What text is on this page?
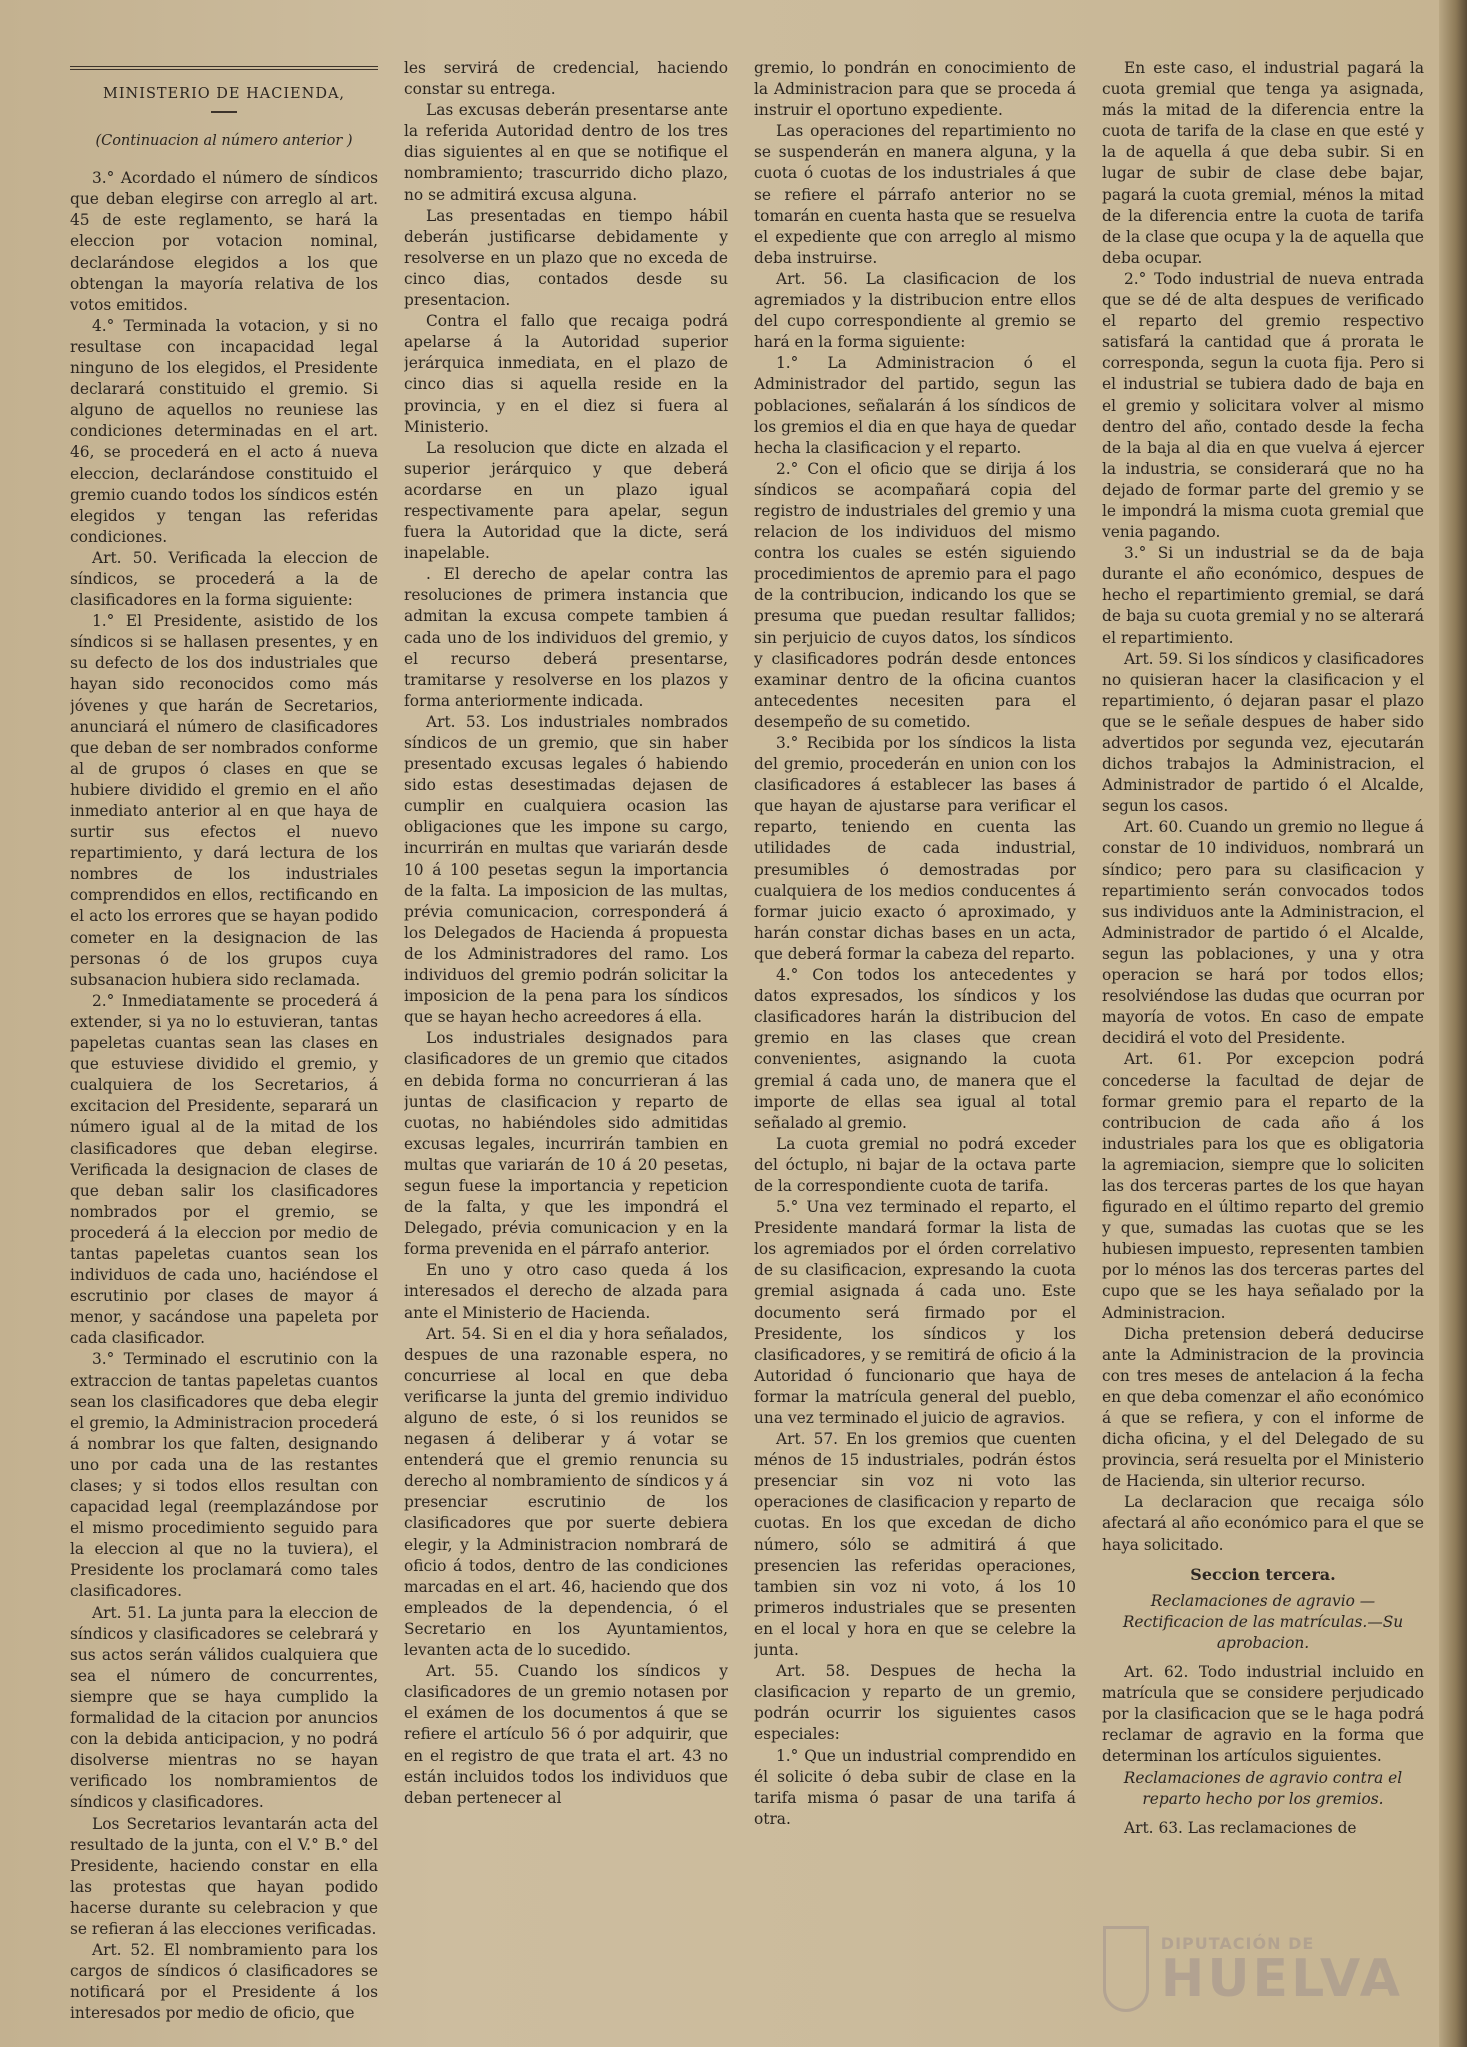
MINISTERIO DE HACIENDA,
(Continuacion al número anterior )

3.° Acordado el número de síndicos que deban elegirse con arreglo al art. 45 de este reglamento, se hará la eleccion por votacion nominal, declarándose elegidos a los que obtengan la mayoría relativa de los votos emitidos.

4.° Terminada la votacion, y si no resultase con incapacidad legal ninguno de los elegidos, el Presidente declarará constituido el gremio. Si alguno de aquellos no reuniese las condiciones determinadas en el art. 46, se procederá en el acto á nueva eleccion, declarándose constituido el gremio cuando todos los síndicos estén elegidos y tengan las referidas condiciones.

Art. 50. Verificada la eleccion de síndicos, se procederá a la de clasificadores en la forma siguiente:

1.° El Presidente, asistido de los síndicos si se hallasen presentes, y en su defecto de los dos industriales que hayan sido reconocidos como más jóvenes y que harán de Secretarios, anunciará el número de clasificadores que deban de ser nombrados conforme al de grupos ó clases en que se hubiere dividido el gremio en el año inmediato anterior al en que haya de surtir sus efectos el nuevo repartimiento, y dará lectura de los nombres de los industriales comprendidos en ellos, rectificando en el acto los errores que se hayan podido cometer en la designacion de las personas ó de los grupos cuya subsanacion hubiera sido reclamada.

2.° Inmediatamente se procederá á extender, si ya no lo estuvieran, tantas papeletas cuantas sean las clases en que estuviese dividido el gremio, y cualquiera de los Secretarios, á excitacion del Presidente, separará un número igual al de la mitad de los clasificadores que deban elegirse. Verificada la designacion de clases de que deban salir los clasificadores nombrados por el gremio, se procederá á la eleccion por medio de tantas papeletas cuantos sean los individuos de cada uno, haciéndose el escrutinio por clases de mayor á menor, y sacándose una papeleta por cada clasificador.

3.° Terminado el escrutinio con la extraccion de tantas papeletas cuantos sean los clasificadores que deba elegir el gremio, la Administracion procederá á nombrar los que falten, designando uno por cada una de las restantes clases; y si todos ellos resultan con capacidad legal (reemplazándose por el mismo procedimiento seguido para la eleccion al que no la tuviera), el Presidente los proclamará como tales clasificadores.

Art. 51. La junta para la eleccion de síndicos y clasificadores se celebrará y sus actos serán válidos cualquiera que sea el número de concurrentes, siempre que se haya cumplido la formalidad de la citacion por anuncios con la debida anticipacion, y no podrá disolverse mientras no se hayan verificado los nombramientos de síndicos y clasificadores.

Los Secretarios levantarán acta del resultado de la junta, con el V.° B.° del Presidente, haciendo constar en ella las protestas que hayan podido hacerse durante su celebracion y que se refieran á las elecciones verificadas.

Art. 52. El nombramiento para los cargos de síndicos ó clasificadores se notificará por el Presidente á los interesados por medio de oficio, que

les servirá de credencial, haciendo constar su entrega.

Las excusas deberán presentarse ante la referida Autoridad dentro de los tres dias siguientes al en que se notifique el nombramiento; trascurrido dicho plazo, no se admitirá excusa alguna.

Las presentadas en tiempo hábil deberán justificarse debidamente y resolverse en un plazo que no exceda de cinco dias, contados desde su presentacion.

Contra el fallo que recaiga podrá apelarse á la Autoridad superior jerárquica inmediata, en el plazo de cinco dias si aquella reside en la provincia, y en el diez si fuera al Ministerio.

La resolucion que dicte en alzada el superior jerárquico y que deberá acordarse en un plazo igual respectivamente para apelar, segun fuera la Autoridad que la dicte, será inapelable.

. El derecho de apelar contra las resoluciones de primera instancia que admitan la excusa compete tambien á cada uno de los individuos del gremio, y el recurso deberá presentarse, tramitarse y resolverse en los plazos y forma anteriormente indicada.

Art. 53. Los industriales nombrados síndicos de un gremio, que sin haber presentado excusas legales ó habiendo sido estas desestimadas dejasen de cumplir en cualquiera ocasion las obligaciones que les impone su cargo, incurrirán en multas que variarán desde 10 á 100 pesetas segun la importancia de la falta. La imposicion de las multas, prévia comunicacion, corresponderá á los Delegados de Hacienda á propuesta de los Administradores del ramo. Los individuos del gremio podrán solicitar la imposicion de la pena para los síndicos que se hayan hecho acreedores á ella.

Los industriales designados para clasificadores de un gremio que citados en debida forma no concurrieran á las juntas de clasificacion y reparto de cuotas, no habiéndoles sido admitidas excusas legales, incurrirán tambien en multas que variarán de 10 á 20 pesetas, segun fuese la importancia y repeticion de la falta, y que les impondrá el Delegado, prévia comunicacion y en la forma prevenida en el párrafo anterior.

En uno y otro caso queda á los interesados el derecho de alzada para ante el Ministerio de Hacienda.

Art. 54. Si en el dia y hora señalados, despues de una razonable espera, no concurriese al local en que deba verificarse la junta del gremio individuo alguno de este, ó si los reunidos se negasen á deliberar y á votar se entenderá que el gremio renuncia su derecho al nombramiento de síndicos y á presenciar escrutinio de los clasificadores que por suerte debiera elegir, y la Administracion nombrará de oficio á todos, dentro de las condiciones marcadas en el art. 46, haciendo que dos empleados de la dependencia, ó el Secretario en los Ayuntamientos, levanten acta de lo sucedido.

Art. 55. Cuando los síndicos y clasificadores de un gremio notasen por el exámen de los documentos á que se refiere el artículo 56 ó por adquirir, que en el registro de que trata el art. 43 no están incluidos todos los individuos que deban pertenecer al

gremio, lo pondrán en conocimiento de la Administracion para que se proceda á instruir el oportuno expediente.

Las operaciones del repartimiento no se suspenderán en manera alguna, y la cuota ó cuotas de los industriales á que se refiere el párrafo anterior no se tomarán en cuenta hasta que se resuelva el expediente que con arreglo al mismo deba instruirse.

Art. 56. La clasificacion de los agremiados y la distribucion entre ellos del cupo correspondiente al gremio se hará en la forma siguiente:

1.° La Administracion ó el Administrador del partido, segun las poblaciones, señalarán á los síndicos de los gremios el dia en que haya de quedar hecha la clasificacion y el reparto.

2.° Con el oficio que se dirija á los síndicos se acompañará copia del registro de industriales del gremio y una relacion de los individuos del mismo contra los cuales se estén siguiendo procedimientos de apremio para el pago de la contribucion, indicando los que se presuma que puedan resultar fallidos; sin perjuicio de cuyos datos, los síndicos y clasificadores podrán desde entonces examinar dentro de la oficina cuantos antecedentes necesiten para el desempeño de su cometido.

3.° Recibida por los síndicos la lista del gremio, procederán en union con los clasificadores á establecer las bases á que hayan de ajustarse para verificar el reparto, teniendo en cuenta las utilidades de cada industrial, presumibles ó demostradas por cualquiera de los medios conducentes á formar juicio exacto ó aproximado, y harán constar dichas bases en un acta, que deberá formar la cabeza del reparto.

4.° Con todos los antecedentes y datos expresados, los síndicos y los clasificadores harán la distribucion del gremio en las clases que crean convenientes, asignando la cuota gremial á cada uno, de manera que el importe de ellas sea igual al total señalado al gremio.

La cuota gremial no podrá exceder del óctuplo, ni bajar de la octava parte de la correspondiente cuota de tarifa.

5.° Una vez terminado el reparto, el Presidente mandará formar la lista de los agremiados por el órden correlativo de su clasificacion, expresando la cuota gremial asignada á cada uno. Este documento será firmado por el Presidente, los síndicos y los clasificadores, y se remitirá de oficio á la Autoridad ó funcionario que haya de formar la matrícula general del pueblo, una vez terminado el juicio de agravios.

Art. 57. En los gremios que cuenten ménos de 15 industriales, podrán éstos presenciar sin voz ni voto las operaciones de clasificacion y reparto de cuotas. En los que excedan de dicho número, sólo se admitirá á que presencien las referidas operaciones, tambien sin voz ni voto, á los 10 primeros industriales que se presenten en el local y hora en que se celebre la junta.

Art. 58. Despues de hecha la clasificacion y reparto de un gremio, podrán ocurrir los siguientes casos especiales:

1.° Que un industrial comprendido en él solicite ó deba subir de clase en la tarifa misma ó pasar de una tarifa á otra.

En este caso, el industrial pagará la cuota gremial que tenga ya asignada, más la mitad de la diferencia entre la cuota de tarifa de la clase en que esté y la de aquella á que deba subir. Si en lugar de subir de clase debe bajar, pagará la cuota gremial, ménos la mitad de la diferencia entre la cuota de tarifa de la clase que ocupa y la de aquella que deba ocupar.

2.° Todo industrial de nueva entrada que se dé de alta despues de verificado el reparto del gremio respectivo satisfará la cantidad que á prorata le corresponda, segun la cuota fija. Pero si el industrial se tubiera dado de baja en el gremio y solicitara volver al mismo dentro del año, contado desde la fecha de la baja al dia en que vuelva á ejercer la industria, se considerará que no ha dejado de formar parte del gremio y se le impondrá la misma cuota gremial que venia pagando.

3.° Si un industrial se da de baja durante el año económico, despues de hecho el repartimiento gremial, se dará de baja su cuota gremial y no se alterará el repartimiento.

Art. 59. Si los síndicos y clasificadores no quisieran hacer la clasificacion y el repartimiento, ó dejaran pasar el plazo que se le señale despues de haber sido advertidos por segunda vez, ejecutarán dichos trabajos la Administracion, el Administrador de partido ó el Alcalde, segun los casos.

Art. 60. Cuando un gremio no llegue á constar de 10 individuos, nombrará un síndico; pero para su clasificacion y repartimiento serán convocados todos sus individuos ante la Administracion, el Administrador de partido ó el Alcalde, segun las poblaciones, y una y otra operacion se hará por todos ellos; resolviéndose las dudas que ocurran por mayoría de votos. En caso de empate decidirá el voto del Presidente.

Art. 61. Por excepcion podrá concederse la facultad de dejar de formar gremio para el reparto de la contribucion de cada año á los industriales para los que es obligatoria la agremiacion, siempre que lo soliciten las dos terceras partes de los que hayan figurado en el último reparto del gremio y que, sumadas las cuotas que se les hubiesen impuesto, representen tambien por lo ménos las dos terceras partes del cupo que se les haya señalado por la Administracion.

Dicha pretension deberá deducirse ante la Administracion de la provincia con tres meses de antelacion á la fecha en que deba comenzar el año económico á que se refiera, y con el informe de dicha oficina, y el del Delegado de su provincia, será resuelta por el Ministerio de Hacienda, sin ulterior recurso.

La declaracion que recaiga sólo afectará al año económico para el que se haya solicitado.

Seccion tercera.
Reclamaciones de agravio —Rectificacion de las matrículas.—Su aprobacion.

Art. 62. Todo industrial incluido en matrícula que se considere perjudicado por la clasificacion que se le haga podrá reclamar de agravio en la forma que determinan los artículos siguientes.

Reclamaciones de agravio contra el reparto hecho por los gremios.

Art. 63. Las reclamaciones de

DIPUTACIÓN DE
HUELVA
